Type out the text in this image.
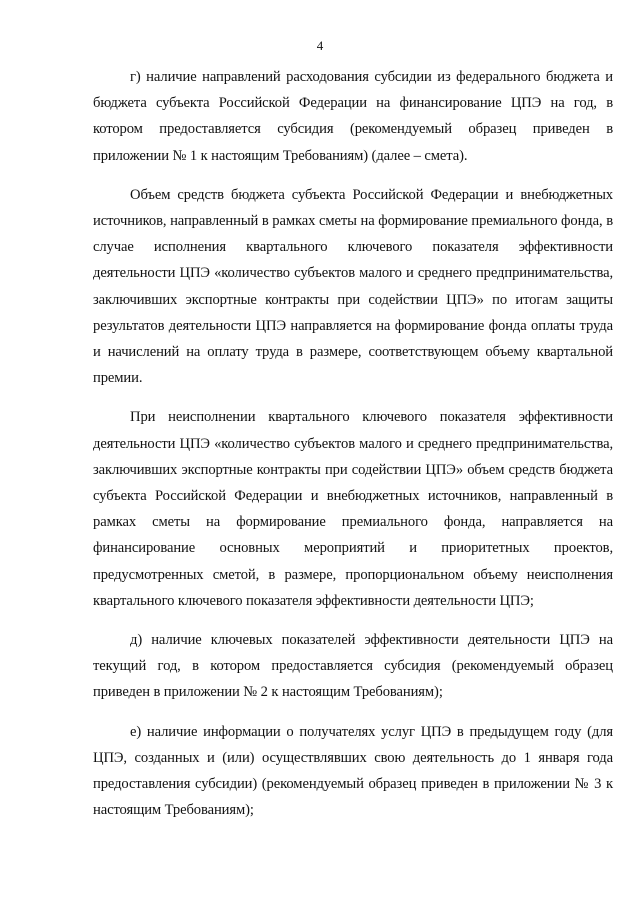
4

г) наличие направлений расходования субсидии из федерального бюджета и бюджета субъекта Российской Федерации на финансирование ЦПЭ на год, в котором предоставляется субсидия (рекомендуемый образец приведен в приложении № 1 к настоящим Требованиям) (далее – смета).

Объем средств бюджета субъекта Российской Федерации и внебюджетных источников, направленный в рамках сметы на формирование премиального фонда, в случае исполнения квартального ключевого показателя эффективности деятельности ЦПЭ «количество субъектов малого и среднего предпринимательства, заключивших экспортные контракты при содействии ЦПЭ» по итогам защиты результатов деятельности ЦПЭ направляется на формирование фонда оплаты труда и начислений на оплату труда в размере, соответствующем объему квартальной премии.

При неисполнении квартального ключевого показателя эффективности деятельности ЦПЭ «количество субъектов малого и среднего предпринимательства, заключивших экспортные контракты при содействии ЦПЭ» объем средств бюджета субъекта Российской Федерации и внебюджетных источников, направленный в рамках сметы на формирование премиального фонда, направляется на финансирование основных мероприятий и приоритетных проектов, предусмотренных сметой, в размере, пропорциональном объему неисполнения квартального ключевого показателя эффективности деятельности ЦПЭ;

д) наличие ключевых показателей эффективности деятельности ЦПЭ на текущий год, в котором предоставляется субсидия (рекомендуемый образец приведен в приложении № 2 к настоящим Требованиям);

е) наличие информации о получателях услуг ЦПЭ в предыдущем году (для ЦПЭ, созданных и (или) осуществлявших свою деятельность до 1 января года предоставления субсидии) (рекомендуемый образец приведен в приложении № 3 к настоящим Требованиям);
